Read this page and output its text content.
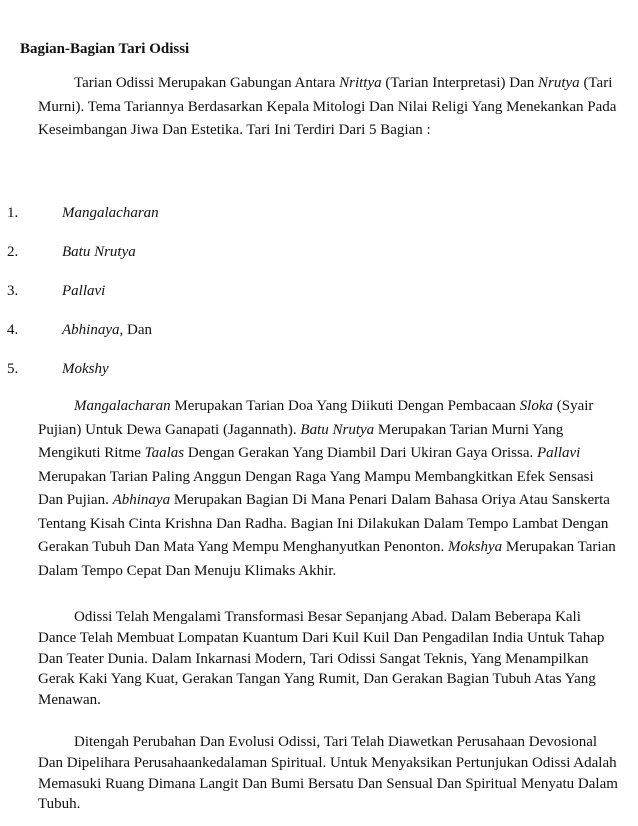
Bagian-Bagian Tari Odissi

Tarian Odissi Merupakan Gabungan Antara Nrittya (Tarian Interpretasi) Dan Nrutya (Tari Murni). Tema Tariannya Berdasarkan Kepala Mitologi Dan Nilai Religi Yang Menekankan Pada Keseimbangan Jiwa Dan Estetika. Tari Ini Terdiri Dari 5 Bagian :

1.	Mangalacharan
2.	Batu Nrutya
3.	Pallavi
4.	Abhinaya, Dan
5.	Mokshy

Mangalacharan Merupakan Tarian Doa Yang Diikuti Dengan Pembacaan Sloka (Syair Pujian) Untuk Dewa Ganapati (Jagannath). Batu Nrutya Merupakan Tarian Murni Yang Mengikuti Ritme Taalas Dengan Gerakan Yang Diambil Dari Ukiran Gaya Orissa. Pallavi Merupakan Tarian Paling Anggun Dengan Raga Yang Mampu Membangkitkan Efek Sensasi Dan Pujian. Abhinaya Merupakan Bagian Di Mana Penari Dalam Bahasa Oriya Atau Sanskerta Tentang Kisah Cinta Krishna Dan Radha. Bagian Ini Dilakukan Dalam Tempo Lambat Dengan Gerakan Tubuh Dan Mata Yang Mempu Menghanyutkan Penonton. Mokshya Merupakan Tarian Dalam Tempo Cepat Dan Menuju Klimaks Akhir.

Odissi Telah Mengalami Transformasi Besar Sepanjang Abad. Dalam Beberapa Kali Dance Telah Membuat Lompatan Kuantum Dari Kuil Kuil Dan Pengadilan India Untuk Tahap Dan Teater Dunia. Dalam Inkarnasi Modern, Tari Odissi Sangat Teknis, Yang Menampilkan Gerak Kaki Yang Kuat, Gerakan Tangan Yang Rumit, Dan Gerakan Bagian Tubuh Atas Yang Menawan.

Ditengah Perubahan Dan Evolusi Odissi, Tari Telah Diawetkan Perusahaan Devosional Dan Dipelihara Perusahaankedalaman Spiritual. Untuk Menyaksikan Pertunjukan Odissi Adalah Memasuki Ruang Dimana Langit Dan Bumi Bersatu Dan Sensual Dan Spiritual Menyatu Dalam Tubuh.
